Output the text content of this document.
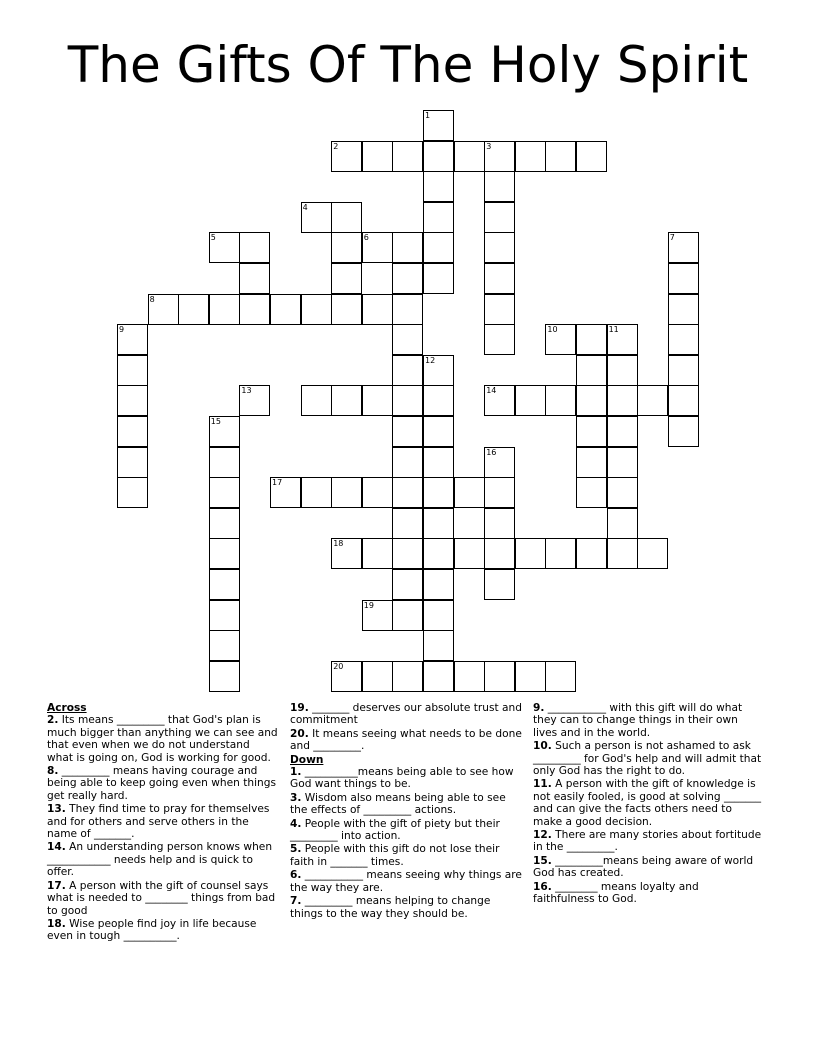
The Gifts Of The Holy Spirit
1
2	3
7
9	11
12
15
16
17
18
20
4
5	6
8
10
13	14
19

Across

2. Its means _________ that God's plan is much bigger than anything we can see and that even when we do not understand what is going on, God is working for good.

8. _________ means having courage and being able to keep going even when things get really hard.

13. They find time to pray for themselves and for others and serve others in the name of _______.

14. An understanding person knows when ____________ needs help and is quick to offer.

17. A person with the gift of counsel says what is needed to ________ things from bad to good

18. Wise people find joy in life because even in tough __________.

19. _______ deserves our absolute trust and commitment

20. It means seeing what needs to be done and _________.

Down

1. __________means being able to see how God want things to be.

3. Wisdom also means being able to see the effects of _________ actions.

4. People with the gift of piety but their _________ into action.

5. People with this gift do not lose their faith in _______ times.

6. ___________ means seeing why things are the way they are.

7. _________ means helping to change things to the way they should be.

9. ___________ with this gift will do what they can to change things in their own lives and in the world.

10. Such a person is not ashamed to ask _________ for God's help and will admit that only God has the right to do.

11. A person with the gift of knowledge is not easily fooled, is good at solving _______ and can give the facts others need to make a good decision.

12. There are many stories about fortitude in the _________.

15. _________means being aware of world God has created.

16. ________ means loyalty and faithfulness to God.
